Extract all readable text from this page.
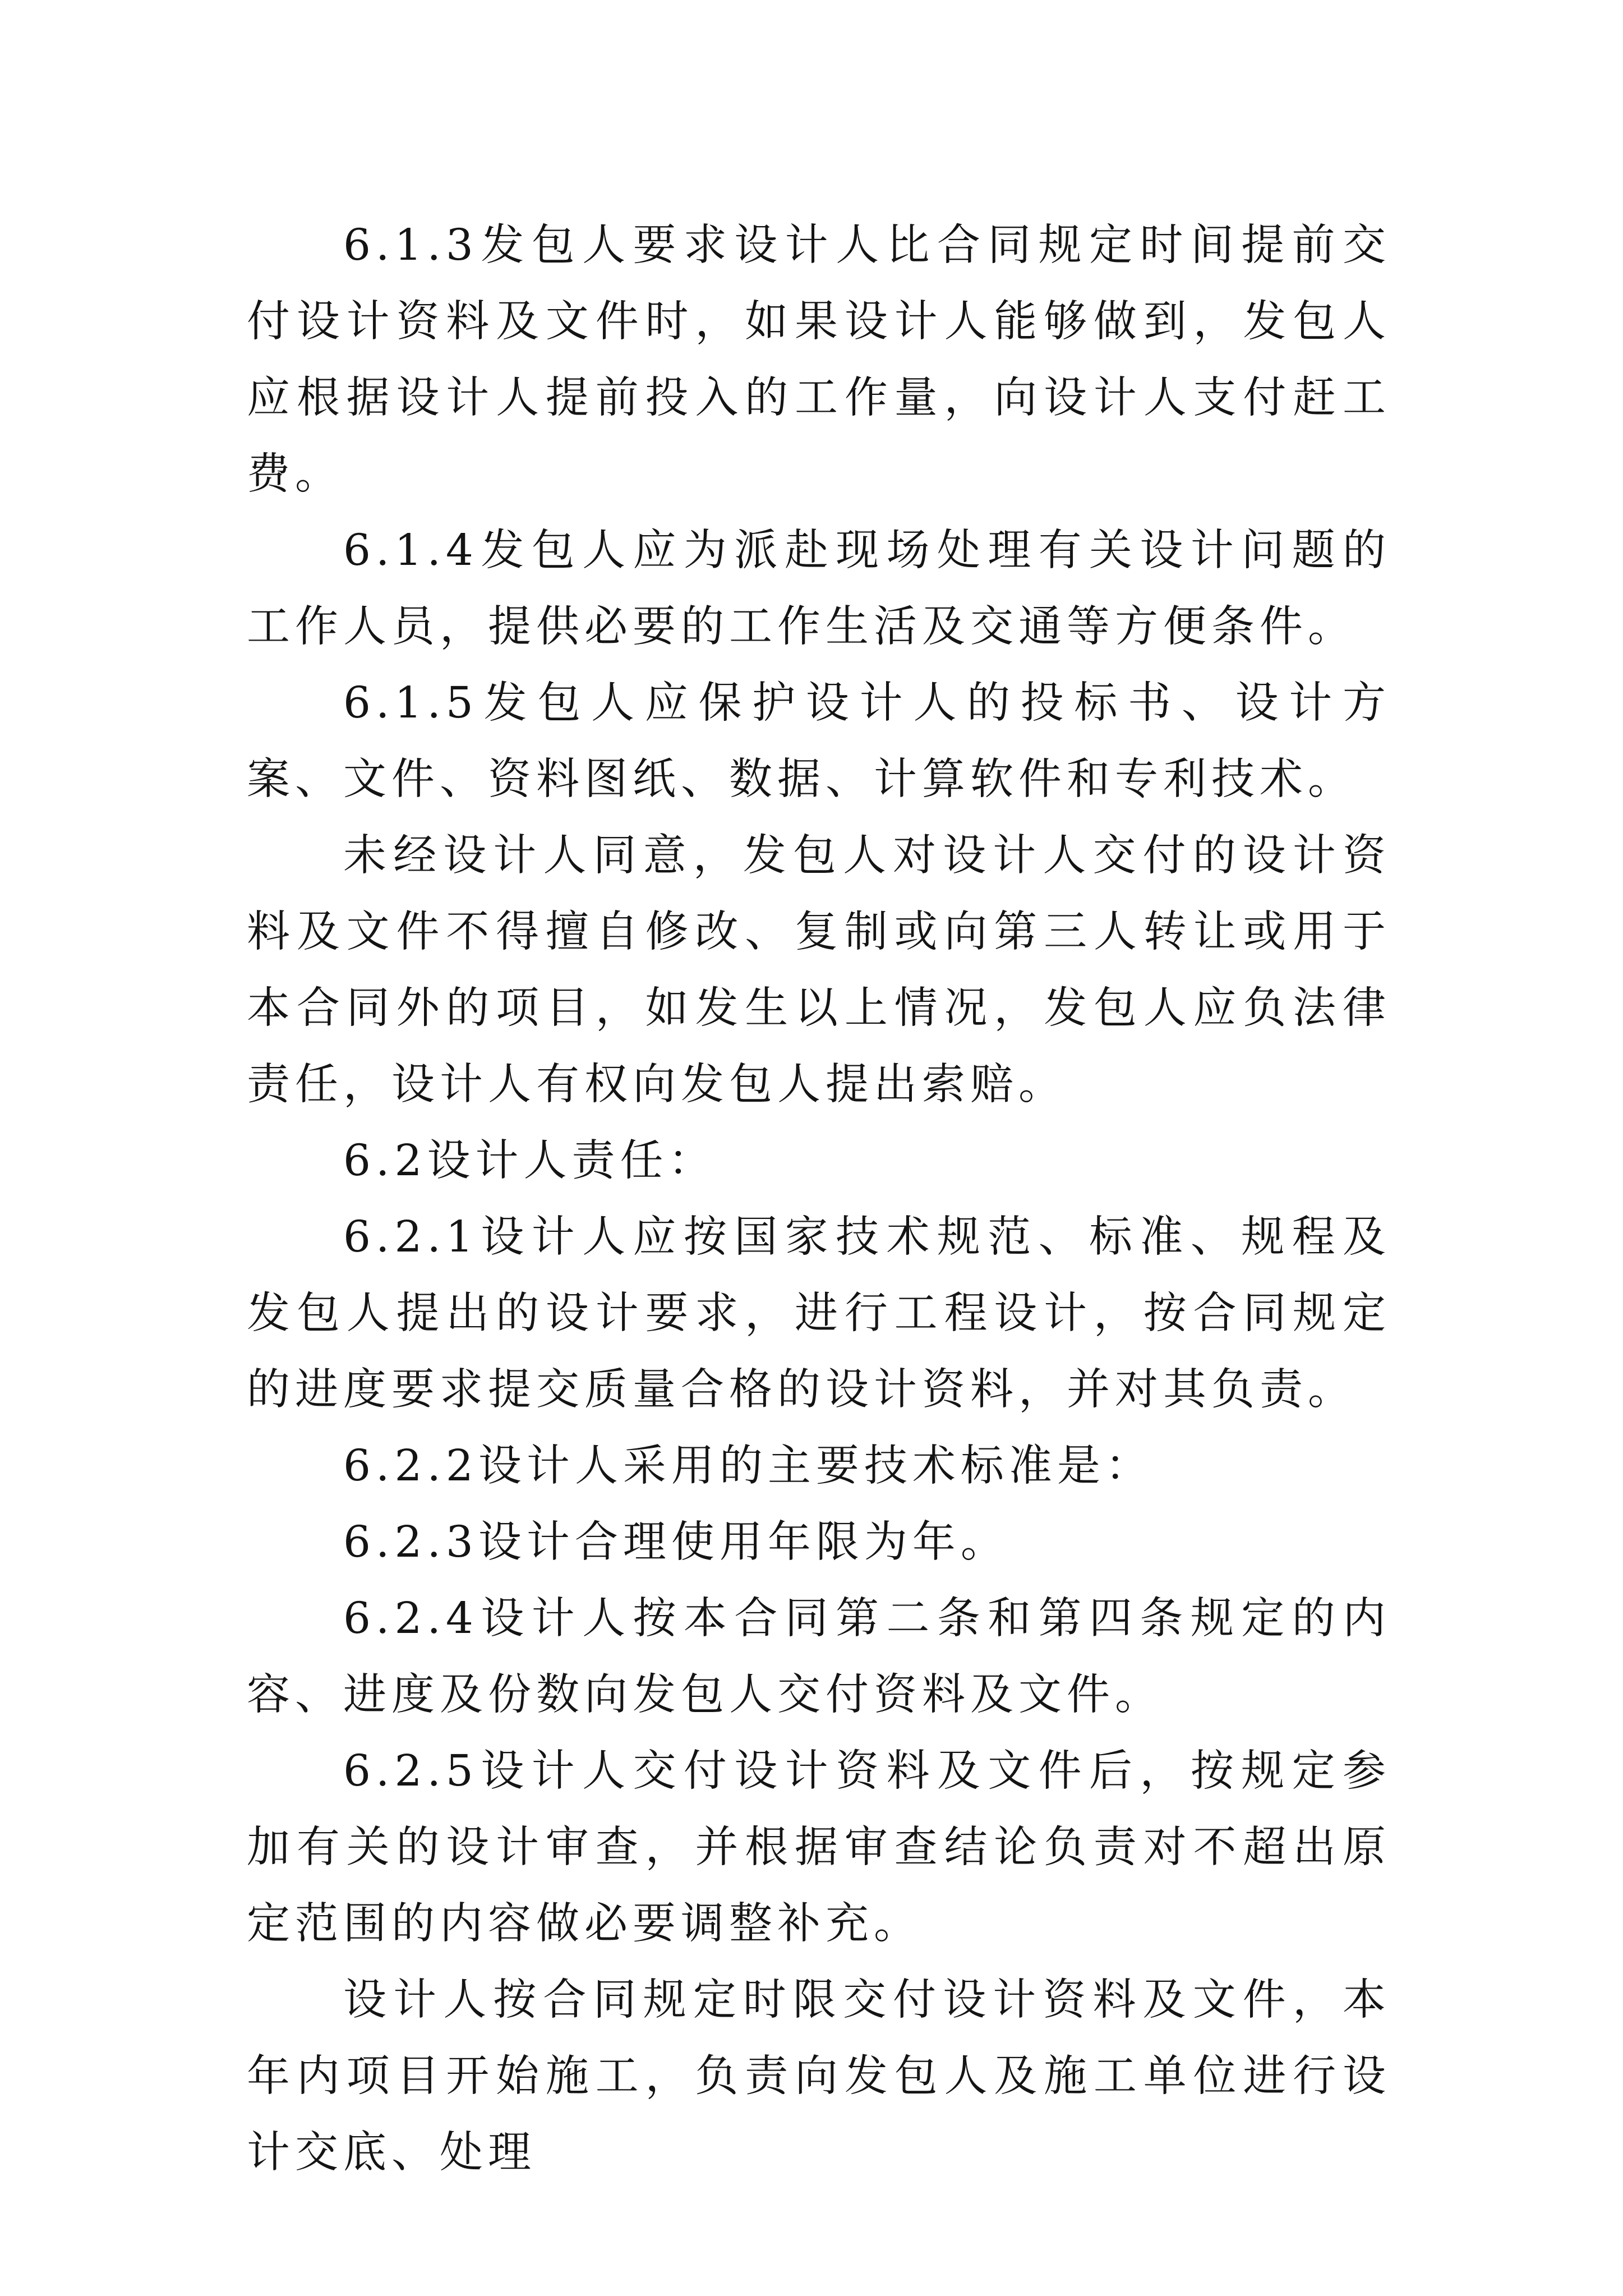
6.1.3发包人要求设计人比合同规定时间提前交付设计资料及文件时，如果设计人能够做到，发包人应根据设计人提前投入的工作量，向设计人支付赶工费。

6.1.4发包人应为派赴现场处理有关设计问题的工作人员，提供必要的工作生活及交通等方便条件。

6.1.5发包人应保护设计人的投标书、设计方案、文件、资料图纸、数据、计算软件和专利技术。

未经设计人同意，发包人对设计人交付的设计资料及文件不得擅自修改、复制或向第三人转让或用于本合同外的项目，如发生以上情况，发包人应负法律责任，设计人有权向发包人提出索赔。

6.2设计人责任：

6.2.1设计人应按国家技术规范、标准、规程及发包人提出的设计要求，进行工程设计，按合同规定的进度要求提交质量合格的设计资料，并对其负责。

6.2.2设计人采用的主要技术标准是：

6.2.3设计合理使用年限为年。

6.2.4设计人按本合同第二条和第四条规定的内容、进度及份数向发包人交付资料及文件。

6.2.5设计人交付设计资料及文件后，按规定参加有关的设计审查，并根据审查结论负责对不超出原定范围的内容做必要调整补充。

设计人按合同规定时限交付设计资料及文件，本年内项目开始施工，负责向发包人及施工单位进行设计交底、处理
